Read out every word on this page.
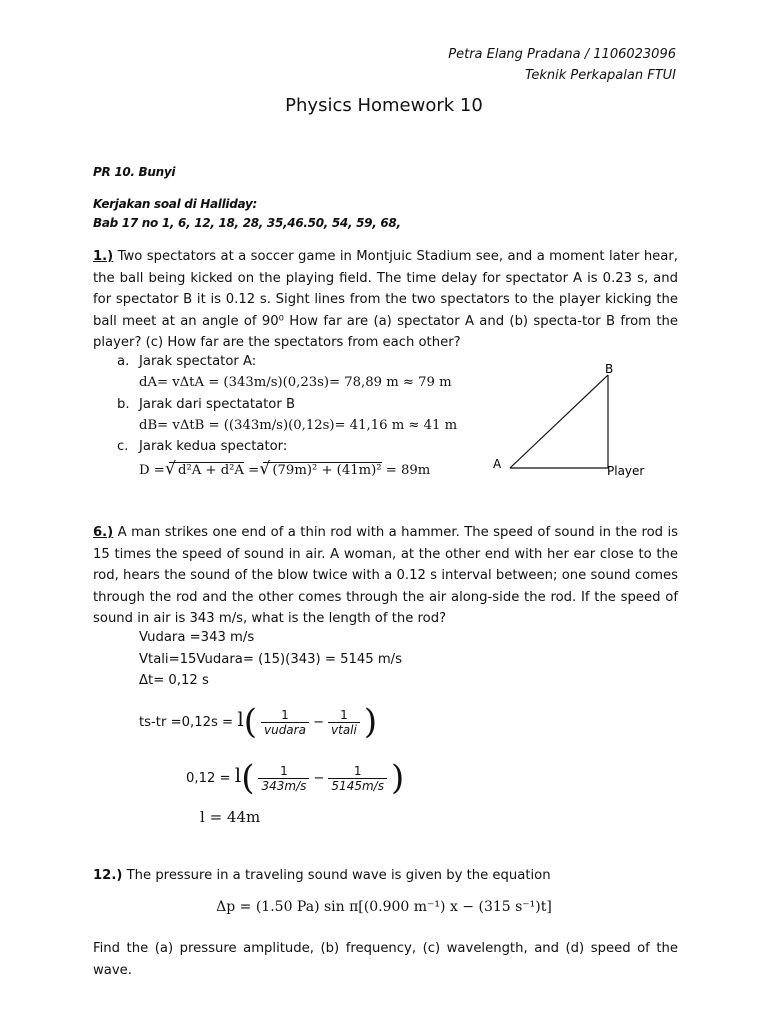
Petra Elang Pradana / 1106023096
Teknik Perkapalan FTUI
Physics Homework 10
PR 10. Bunyi
Kerjakan soal di Halliday:
Bab 17 no 1, 6, 12, 18, 28, 35,46.50, 54, 59, 68,
1.) Two spectators at a soccer game in Montjuic Stadium see, and a moment later hear, the ball being kicked on the playing field. The time delay for spectator A is 0.23 s, and for spectator B it is 0.12 s. Sight lines from the two spectators to the player kicking the ball meet at an angle of 90⁰ How far are (a) spectator A and (b) specta-tor B from the player? (c) How far are the spectators from each other?
a. Jarak spectator A:
dA= vΔtA = (343m/s)(0,23s)= 78,89 m ≈ 79 m
b. Jarak dari spectatator B
dB= vΔtB = ((343m/s)(0,12s)= 41,16 m ≈ 41 m
c. Jarak kedua spectator:
D = √ d²A + d²A = √ (79m)² + (41m)² = 89m	A
B
Player
6.) A man strikes one end of a thin rod with a hammer. The speed of sound in the rod is 15 times the speed of sound in air. A woman, at the other end with her ear close to the rod, hears the sound of the blow twice with a 0.12 s interval between; one sound comes through the rod and the other comes through the air along-side the rod. If the speed of sound in air is 343 m/s, what is the length of the rod?
Vudara =343 m/s
Vtali=15Vudara= (15)(343) = 5145 m/s
Δt= 0,12 s
$ts-tr =0,12s = l( \frac{1}{\text{vudara}} - \frac{1}{\text{vtali}}$ )
$0,12 = l( \frac{1}{343m/s} - \frac{1}{5145m/s}$ )
l = 44m
12.) The pressure in a traveling sound wave is given by the equation
Δp = (1.50 Pa) sin π[(0.900 m⁻¹) x − (315 s⁻¹)t]
Find the (a) pressure amplitude, (b) frequency, (c) wavelength, and (d) speed of the wave.
